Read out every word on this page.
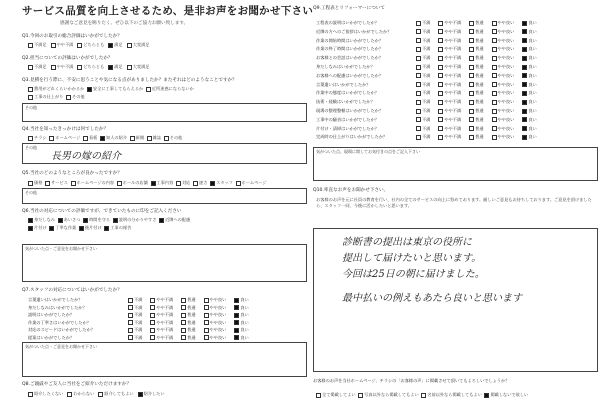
サービス品質を向上させるため、是非お声をお聞かせ下さい
感謝なご意見を賜りたく、ぜひ以下のご協力お願い致します。
Q1.今回のお取引の総合評価はいかがでしたか？
不満足 やや不満 どちらとも 満足 大変満足
Q2.担当についての評価はいかがでしたか？
不満足 やや不満 どちらとも 満足 大変満足
Q3.見積を行う際に、不安に思うことや気になる点がありましたか？またそれはどのようなことですか？
費用がどれくらいかかるか 安全に工事してもらえるか 近所迷惑にならないか
工事の仕上がり その他
その他
Q4.当社を知ったきっかけは何でしたか？
チラシ ホームページ 看板 知人の紹介 新聞 雑誌 その他
その他
長男の嫁の紹介
Q5.当社のどのようなところが良かったですか？
価格 サービス ホームページの内容 ホールの店舗 工事内容 対応 速さ スタッフ ホームページ
その他
Q6.当社の対応についての評価ですが、できていたものに印をご記入ください
身だしなみ あいさつ 時間を守る 説明の分かりやすさ 近隣への配慮
片付け 丁寧な作業 後片付け 工事の報告
気がついた点・ご意見をお聞かせ下さい
Q7.スタッフの対応についてはいかがでしたか？
言葉遣いはいかがでしたか？	不満	やや不満	普通	やや良い	良い
身だしなみはいかがでしたか？	不満	やや不満	普通	やや良い	良い
説明はいかがでしたか？	不満	やや不満	普通	やや良い	良い
作業の丁寧さはいかがでしたか？	不満	やや不満	普通	やや良い	良い
対応のスピードはいかがでしたか？	不満	やや不満	普通	やや良い	良い
提案はいかがでしたか？	不満	やや不満	普通	やや良い	良い
気がついた点・ご意見をお聞かせ下さい
Q8.ご親戚やご友人に当社をご紹介いただけますか？
紹介したくない わからない 紹介してもよい 紹介したい
Q9.工程表とリフォーマーについて
工程表の説明はいかがでしたか？	不満	やや不満	普通	やや良い	良い
近隣の方へのご挨拶はいかがでしたか？	不満	やや不満	普通	やや良い	良い
作業の開始時間はいかがでしたか？	不満	やや不満	普通	やや良い	良い
作業の終了時間はいかがでしたか？	不満	やや不満	普通	やや良い	良い
お客様との会話はいかがでしたか？	不満	やや不満	普通	やや良い	良い
身だしなみはいかがでしたか？	不満	やや不満	普通	やや良い	良い
お客様への配慮はいかがでしたか？	不満	やや不満	普通	やや良い	良い
言葉遣いはいかがでしたか？	不満	やや不満	普通	やや良い	良い
作業中の態度はいかがでしたか？	不満	やや不満	普通	やや良い	良い
技術・経験はいかがでしたか？	不満	やや不満	普通	やや良い	良い
現場の整理整頓はいかがでしたか？	不満	やや不満	普通	やや良い	良い
工事中の騒音はいかがでしたか？	不満	やや不満	普通	やや良い	良い
片付け・清掃はいかがでしたか？	不満	やや不満	普通	やや良い	良い
完成時の仕上がりはいかがでしたか？	不満	やや不満	普通	やや良い	良い
気がついた点、現場に関してお気付きの点をご記入下さい
Q10.率直なお声をお聞かせ下さい。
お客様のお声を元に社員の教育を行い、社内の全てのサービスの向上に努めております。厳しいご意見もお待ちしております。ご意見を頂けましたら、スタッフ一同、今後に活かしたいと思います。
診断書の提出は東京の役所に
提出して届けたいと思います。
今回は25日の朝に届けました。
最中払いの例えもあたら良いと思います
お客様のお声を当社ホームページ、チラシの「お客様の声」に掲載させて頂いてもよろしいでしょうか？
全て掲載してよい 写真以外なら掲載してもよい 名前以外なら掲載してもよい 掲載しないで欲しい
